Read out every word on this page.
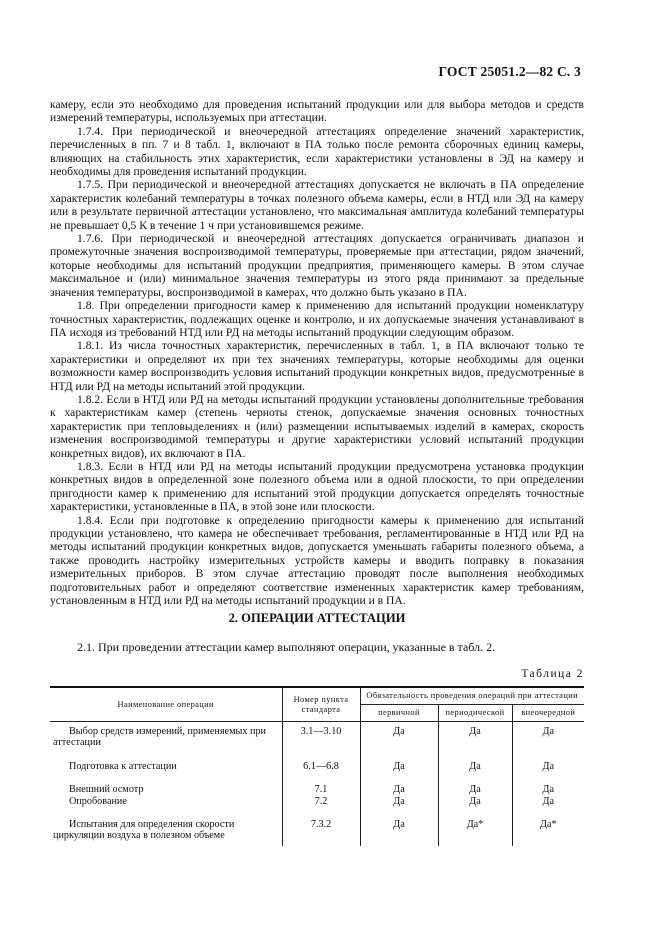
ГОСТ 25051.2—82 С. 3

камеру, если это необходимо для проведения испытаний продукции или для выбора методов и средств измерений температуры, используемых при аттестации.

1.7.4. При периодической и внеочередной аттестациях определение значений характеристик, перечисленных в пп. 7 и 8 табл. 1, включают в ПА только после ремонта сборочных единиц камеры, влияющих на стабильность этих характеристик, если характеристики установлены в ЭД на камеру и необходимы для проведения испытаний продукции.

1.7.5. При периодической и внеочередной аттестациях допускается не включать в ПА определение характеристик колебаний температуры в точках полезного объема камеры, если в НТД или ЭД на камеру или в результате первичной аттестации установлено, что максимальная амплитуда колебаний температуры не превышает 0,5 К в течение 1 ч при установившемся режиме.

1.7.6. При периодической и внеочередной аттестациях допускается ограничивать диапазон и промежуточные значения воспроизводимой температуры, проверяемые при аттестации, рядом значений, которые необходимы для испытаний продукции предприятия, применяющего камеры. В этом случае максимальное и (или) минимальное значения температуры из этого ряда принимают за предельные значения температуры, воспроизводимой в камерах, что должно быть указано в ПА.

1.8. При определении пригодности камер к применению для испытаний продукции номенклатуру точностных характеристик, подлежащих оценке и контролю, и их допускаемые значения устанавливают в ПА исходя из требований НТД или РД на методы испытаний продукции следующим образом.

1.8.1. Из числа точностных характеристик, перечисленных в табл. 1, в ПА включают только те характеристики и определяют их при тех значениях температуры, которые необходимы для оценки возможности камер воспроизводить условия испытаний продукции конкретных видов, предусмотренные в НТД или РД на методы испытаний этой продукции.

1.8.2. Если в НТД или РД на методы испытаний продукции установлены дополнительные требования к характеристикам камер (степень черноты стенок, допускаемые значения основных точностных характеристик при тепловыделениях и (или) размещении испытываемых изделий в камерах, скорость изменения воспроизводимой температуры и другие характеристики условий испытаний продукции конкретных видов), их включают в ПА.

1.8.3. Если в НТД или РД на методы испытаний продукции предусмотрена установка продукции конкретных видов в определенной зоне полезного объема или в одной плоскости, то при определении пригодности камер к применению для испытаний этой продукции допускается определять точностные характеристики, установленные в ПА, в этой зоне или плоскости.

1.8.4. Если при подготовке к определению пригодности камеры к применению для испытаний продукции установлено, что камера не обеспечивает требования, регламентированные в НТД или РД на методы испытаний продукции конкретных видов, допускается уменьшать габариты полезного объема, а также проводить настройку измерительных устройств камеры и вводить поправку в показания измерительных приборов. В этом случае аттестацию проводят после выполнения необходимых подготовительных работ и определяют соответствие измененных характеристик камер требованиям, установленным в НТД или РД на методы испытаний продукции и в ПА.

2. ОПЕРАЦИИ АТТЕСТАЦИИ
2.1. При проведении аттестации камер выполняют операции, указанные в табл. 2.
Таблица 2
Наименование операции	Номер пункта стандарта	Обязательность проведения операций при аттестации		
		первичной	периодической	внеочередной

Выбор средств измерений, применяемых при аттестации	3.1—3.10	Да	Да	Да

Подготовка к аттестации	6.1—6.8	Да	Да	Да

Внешний осмотр	7.1	Да	Да	Да

Опробование	7.2	Да	Да	Да

Испытания для определения скорости циркуляции воздуха в полезном объеме	7.3.2	Да	Да*	Да*
